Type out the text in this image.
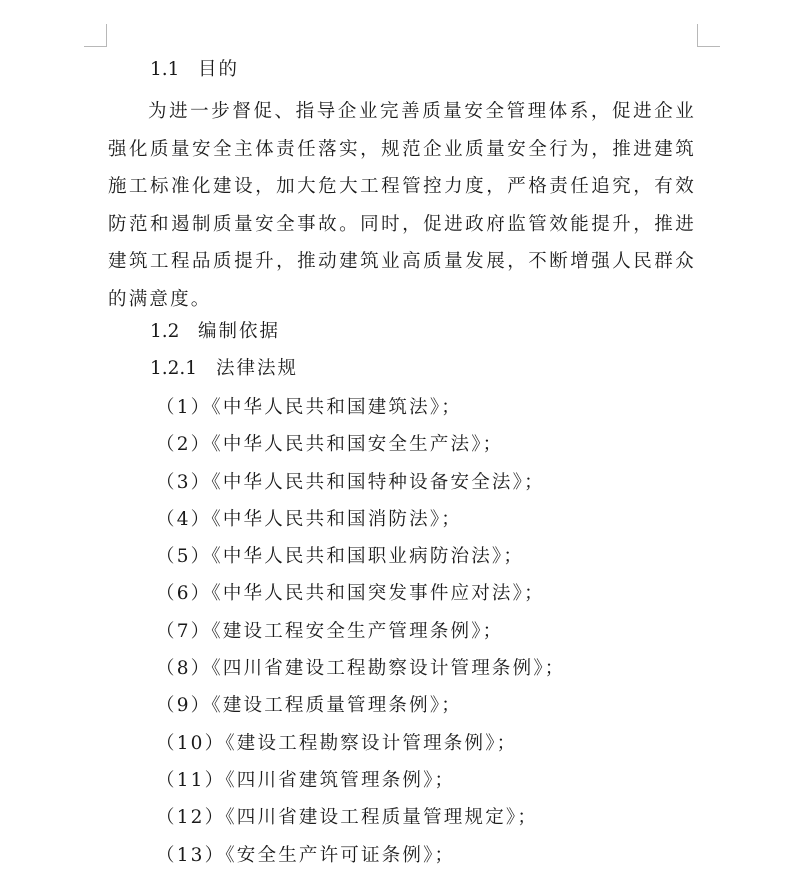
1.1 目的

为进一步督促、指导企业完善质量安全管理体系，促进企业强化质量安全主体责任落实，规范企业质量安全行为，推进建筑施工标准化建设，加大危大工程管控力度，严格责任追究，有效防范和遏制质量安全事故。同时，促进政府监管效能提升，推进建筑工程品质提升，推动建筑业高质量发展，不断增强人民群众的满意度。

1.2 编制依据
1.2.1 法律法规
（1）《中华人民共和国建筑法》；
（2）《中华人民共和国安全生产法》；
（3）《中华人民共和国特种设备安全法》；
（4）《中华人民共和国消防法》；
（5）《中华人民共和国职业病防治法》；
（6）《中华人民共和国突发事件应对法》；
（7）《建设工程安全生产管理条例》；
（8）《四川省建设工程勘察设计管理条例》；
（9）《建设工程质量管理条例》；
（10）《建设工程勘察设计管理条例》；
（11）《四川省建筑管理条例》；
（12）《四川省建设工程质量管理规定》；
（13）《安全生产许可证条例》；
